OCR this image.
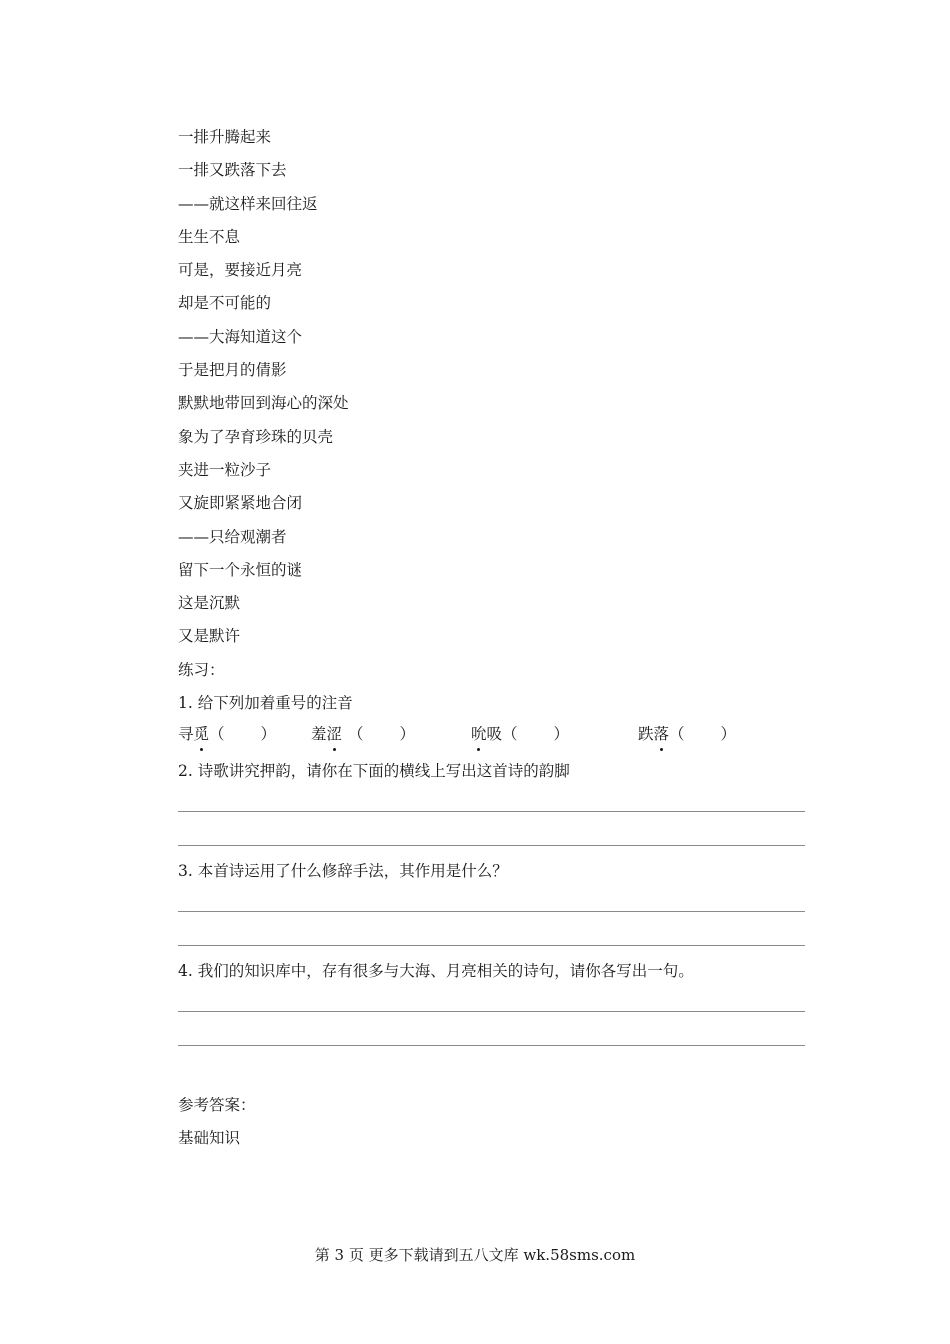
一排升腾起来
一排又跌落下去
——就这样来回往返
生生不息
可是，要接近月亮
却是不可能的
——大海知道这个
于是把月的倩影
默默地带回到海心的深处
象为了孕育珍珠的贝壳
夹进一粒沙子
又旋即紧紧地合闭
——只给观潮者
留下一个永恒的谜
这是沉默
又是默许
练习：
1. 给下列加着重号的注音
寻觅（ ） 羞涩 （ ）	吮吸（ ）	跌落（ ）
2. 诗歌讲究押韵，请你在下面的横线上写出这首诗的韵脚
3. 本首诗运用了什么修辞手法，其作用是什么？
4. 我们的知识库中，存有很多与大海、月亮相关的诗句，请你各写出一句。
参考答案：
基础知识
第 3 页 更多下载请到五八文库 wk.58sms.com
